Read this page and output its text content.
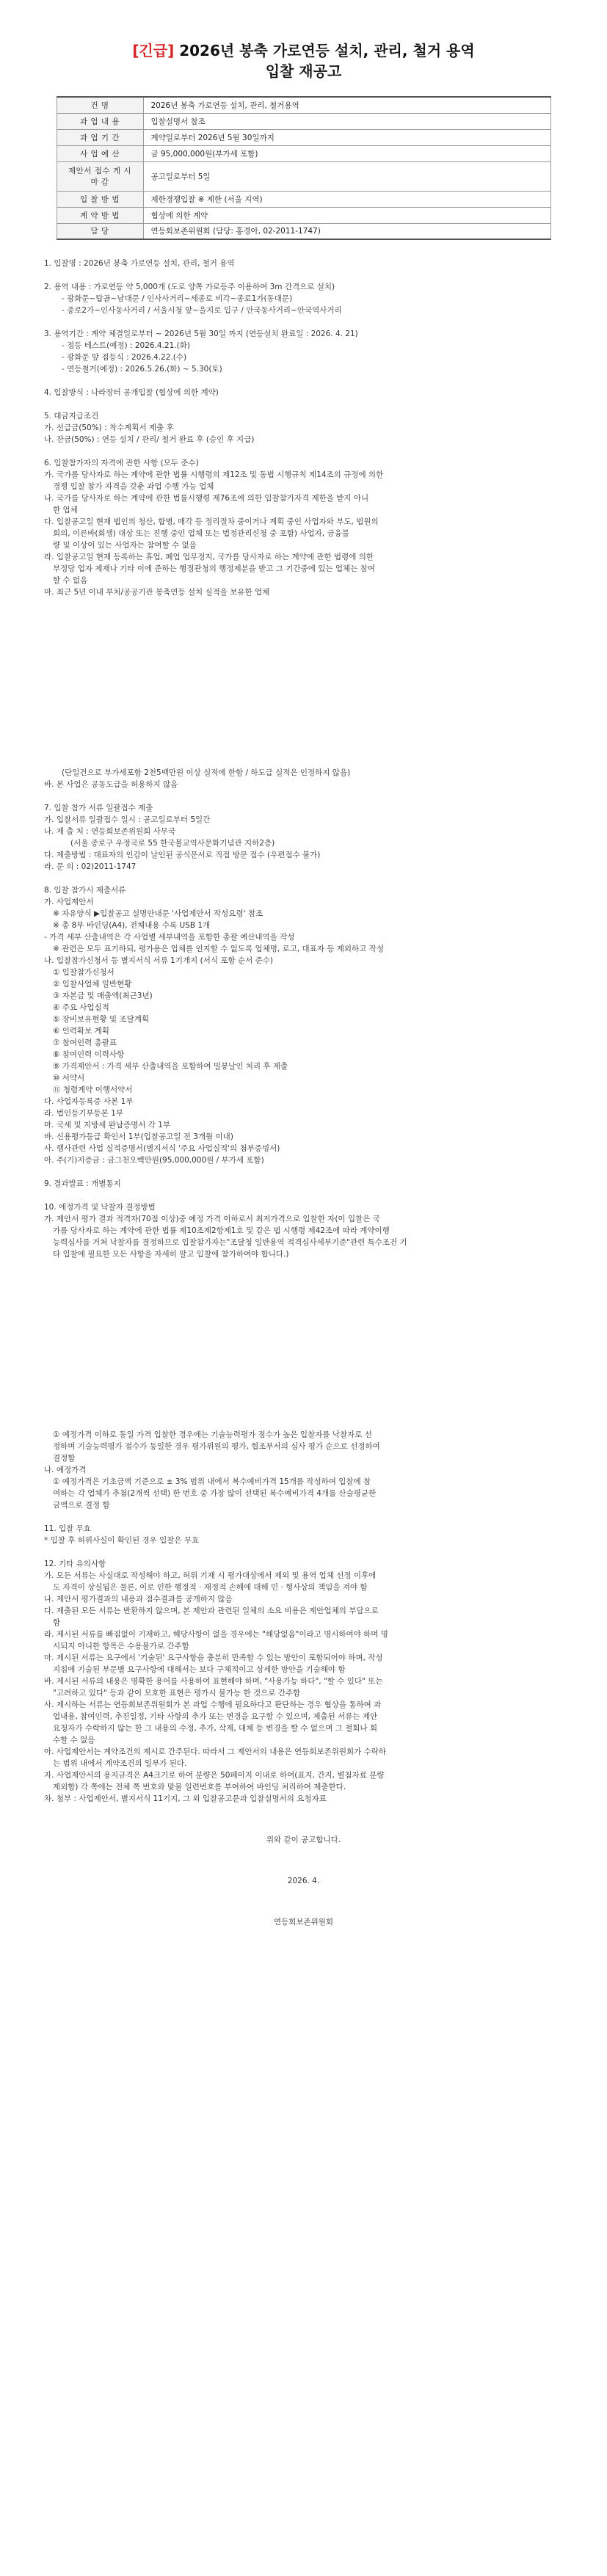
[긴급] 2026년 봉축 가로연등 설치, 관리, 철거 용역
입찰 재공고
건 명	2026년 봉축 가로연등 설치, 관리, 철거용역
과 업 내 용	입찰설명서 참조
과 업 기 간	계약일로부터 2026년 5월 30일까지
사 업 예 산	금 95,000,000원(부가세 포함)
제안서 접수 게 시 마 감	공고일로부터 5일
입 찰 방 법	제한경쟁입찰 ※ 제한 (서울 지역)
계 약 방 법	협상에 의한 계약
담 당	연등회보존위원회 (담당: 홍경아, 02-2011-1747)
1. 입찰명 : 2026년 봉축 가로연등 설치, 관리, 철거 용역
2. 용역 내용 : 가로연등 약 5,000개 (도로 양쪽 가로등주 이용하여 3m 간격으로 설치)
- 광화문~탑골~남대문 / 인사사거리~세종로 비각~종로1가(동대문)
- 종로2가~인사동사거리 / 서울시청 앞~을지로 입구 / 안국동사거리~안국역사거리
3. 용역기간 : 계약 체결일로부터 ~ 2026년 5월 30일 까지 (연등설치 완료일 : 2026. 4. 21)
- 점등 테스트(예정) : 2026.4.21.(화)
- 광화문 앞 점등식 : 2026.4.22.(수)
- 연등철거(예정) : 2026.5.26.(화) ~ 5.30(토)
4. 입찰방식 : 나라장터 공개입찰 (협상에 의한 계약)
5. 대금지급조건
가. 선급금(50%) : 착수계획서 제출 후
나. 잔금(50%) : 연등 설치 / 관리/ 철거 완료 후 (승인 후 지급)
6. 입찰참가자의 자격에 관한 사항 (모두 준수)
가. 국가를 당사자로 하는 계약에 관한 법률 시행령의 제12조 및 동법 시행규칙 제14조의 규정에 의한
경쟁 입찰 참가 자격을 갖춘 과업 수행 가능 업체
나. 국가를 당사자로 하는 계약에 관한 법률시행령 제76조에 의한 입찰참가자격 제한을 받지 아니
한 업체
다. 입찰공고일 현재 법인의 청산, 합병, 매각 등 정리절차 중이거나 계획 중인 사업자와 부도, 법원의
회의, 이른바(회생) 대상 또는 진행 중인 업체 또는 법정관리신청 중 포함) 사업자, 금융불
량 및 이상이 있는 사업자는 참여할 수 없음
라. 입찰공고일 현재 등록하는 휴업, 폐업 업무정지, 국가를 당사자로 하는 계약에 관한 법령에 의한
부정당 업자 제재나 기타 이에 준하는 행정관청의 행정제분을 받고 그 기간중에 있는 업체는 참여
할 수 없음
마. 최근 5년 이내 부처/공공기관 봉축연등 설치 실적을 보유한 업체
(단일건으로 부가세포함 2천5백만원 이상 실적에 한함 / 하도급 실적은 인정하지 않음)
바. 본 사업은 공동도급을 허용하지 않음
7. 입찰 참가 서류 일괄접수 제출
가. 입찰서류 일괄접수 일시 : 공고일로부터 5일간
나. 제 출 처 : 연등회보존위원회 사무국
(서울 종로구 우정국로 55 한국불교역사문화기념관 지하2층)
다. 제출방법 : 대표자의 인감이 날인된 공식문서로 직접 방문 접수 (우편접수 불가)
라. 문 의 : 02)2011-1747
8. 입찰 참가시 제출서류
가. 사업제안서
※ 자유양식 ▶입찰공고 설명안내문 '사업제안서 작성요령' 참조
※ 총 8부 바인딩(A4), 전체내용 수록 USB 1개
- 가격 세부 산출내역은 각 사업별 세부내역을 포함한 총괄 예산내역을 작성
※ 관련은 모두 표기하되, 평가용은 업체를 인지할 수 없도록 업체명, 로고, 대표자 등 제외하고 작성
나. 입찰참가신청서 등 별지서식 서류 1기개지 (서식 포함 순서 준수)
① 입찰참가신청서
② 입찰사업체 일반현황
③ 자본금 및 매출액(최근3년)
④ 주요 사업실적
⑤ 장비보유현황 및 조달계획
⑥ 인력확보 계획
⑦ 참여인력 총괄표
⑧ 참여인력 이력사항
⑨ 가격제안서 : 가격 세부 산출내역을 포함하여 밀봉날인 처리 후 제출
⑩ 서약서
⑪ 청렴계약 이행서약서
다. 사업자등록증 사본 1부
라. 법인등기부등본 1부
마. 국세 및 지방세 완납증명서 각 1부
바. 신용평가등급 확인서 1부(입찰공고일 전 3개월 이내)
사. 행사관련 사업 실적증명서(별지서식 '주요 사업실적'의 첨부증빙서)
아. 주(기)지증금 : 금그천오백만원(95,000,000원 / 부가세 포함)
9. 결과발표 : 개별통지
10. 에정가격 및 낙찰자 결정방법
가. 제안서 평가 결과 적격자(70점 이상)중 예정 가격 이하로서 최저가격으로 입찰한 자(이 입찰은 국
가를 당사자로 하는 계약에 관한 법률 제10조제2항제1호 및 같은 법 시행령 제42조에 따라 계약이행
능력심사를 거쳐 낙찰자를 결정하므로 입찰참가자는"조달청 일반용역 적격심사세부기준"관련 특수조건 기
타 입찰에 필요한 모든 사항을 자세히 알고 입찰에 참가하여야 합니다.)
① 예정가격 이하로 동일 가격 입찰한 경우에는 기술능력평가 점수가 높은 입찰자를 낙찰자로 선
정하며 기술능력평가 점수가 동일한 경우 평가위원의 평가, 협조부서의 심사 평가 순으로 선정하여
결정함
나. 예정가격
① 예정가격은 기초금액 기준으로 ± 3% 범위 내에서 복수예비가격 15개를 작성하여 입찰에 참
여하는 각 업체가 추첨(2개씩 선택) 한 번호 중 가장 많이 선택된 복수예비가격 4개를 산술평균한
금액으로 결정 함
11. 입찰 무효
* 입찰 후 허위사실이 확인된 경우 입찰은 무효
12. 기타 유의사항
가. 모든 서류는 사실대로 작성해야 하고, 허위 기재 시 평가대상에서 제외 및 용역 업체 선정 이후에
도 자격이 상실됨은 물론, 이로 인한 행정적 · 재정적 손해에 대해 민 · 형사상의 책임을 져야 함
나. 제안서 평가결과의 내용과 점수결과를 공개하지 않음
다. 제출된 모든 서류는 반환하지 않으며, 본 제안과 관련된 일체의 소요 비용은 제안업체의 부담으로
함
라. 제시된 서류를 빠짐없이 기재하고, 해당사항이 없을 경우에는 "해당없음"이라고 명시하여야 하며 명
시되지 아니한 항목은 수용불가로 간주함
마. 제시된 서류는 요구에서 '기술된' 요구사항을 충분히 만족할 수 있는 방안이 포함되어야 하며, 작성
지침에 기술된 부문별 요구사항에 대해서는 보다 구체적이고 상세한 방안을 기술해야 함
바. 제시된 서류의 내용은 명확한 용어를 사용하여 표현해야 하며, "사용가능 하다", "할 수 있다" 또는
"고려하고 있다" 등과 같이 모호한 표현은 평가시 불가능 한 것으로 간주함
사. 제시하는 서류는 연등회보존위원회가 본 과업 수행에 필요하다고 판단하는 경우 협상을 통하여 과
업내용, 참여인력, 추진일정, 기타 사항의 추가 또는 변경을 요구할 수 있으며, 제출된 서류는 제안
요청자가 수락하지 않는 한 그 내용의 수정, 추가, 삭제, 대체 등 변경을 할 수 없으며 그 철회나 회
수할 수 없음
아. 사업제안서는 계약조건의 제시로 간주된다. 따라서 그 제안서의 내용은 연등회보존위원회가 수락하
는 범위 내에서 계약조건의 일부가 된다.
자. 사업제안서의 용지규격은 A4크기로 하여 분량은 50페이지 이내로 하여(표지, 간지, 별첨자료 분량
제외함) 각 쪽에는 전체 쪽 번호와 맞물 일련번호를 부여하여 바인딩 처리하여 제출한다.
차. 첨부 : 사업제안서, 별지서식 11기지, 그 외 입찰공고문과 입찰설명서의 요청자료
위와 같이 공고합니다.
2026. 4.
연등회보존위원회
